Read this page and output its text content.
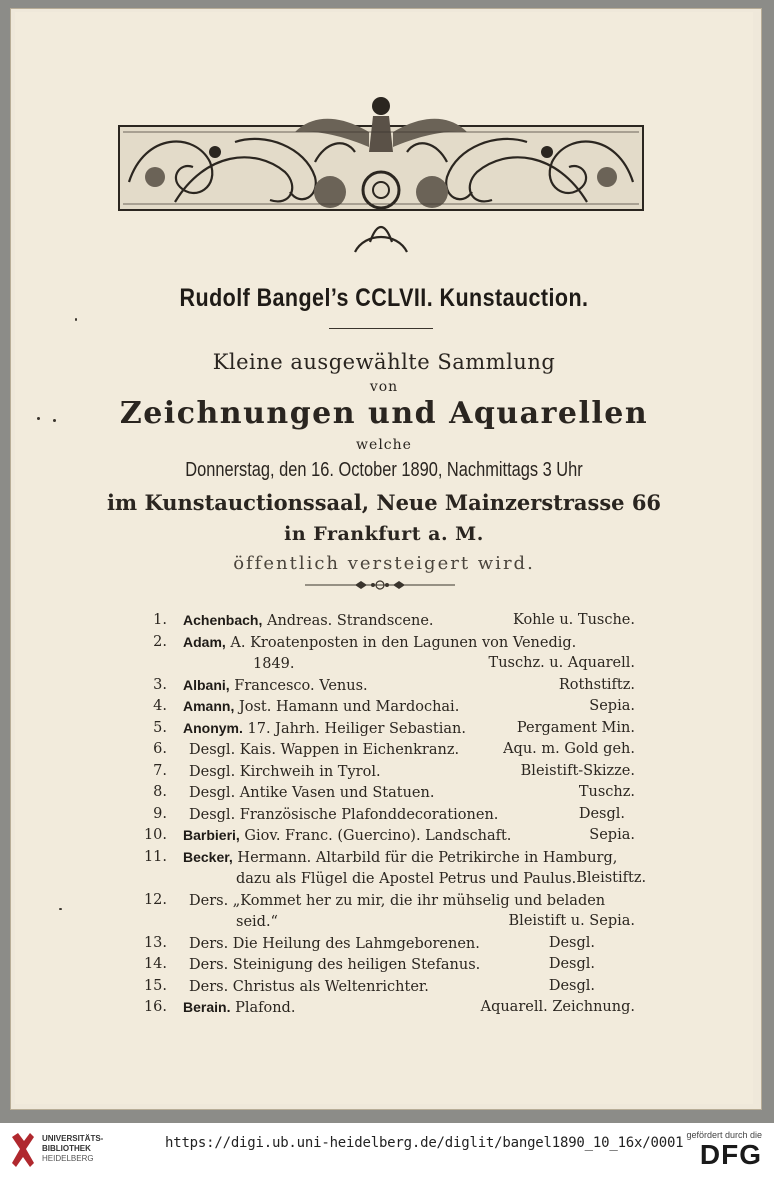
Rudolf Bangel’s CCLVII. Kunstauction.
Kleine ausgewählte Sammlung
von
Zeichnungen und Aquarellen
welche
Donnerstag, den 16. October 1890, Nachmittags 3 Uhr
im Kunstauctionssaal, Neue Mainzerstrasse 66
in Frankfurt a. M.
öffentlich versteigert wird.
1.	Achenbach, Andreas. Strandscene.	Kohle u. Tusche.
2.	Adam, A. Kroatenposten in den Lagunen von Venedig.
1849.	Tuschz. u. Aquarell.
3.	Albani, Francesco. Venus.	Rothstiftz.
4.	Amann, Jost. Hamann und Mardochai.	Sepia.
5.	Anonym. 17. Jahrh. Heiliger Sebastian.	Pergament Min.
6.	Desgl. Kais. Wappen in Eichenkranz.	Aqu. m. Gold geh.
7.	Desgl. Kirchweih in Tyrol.	Bleistift-Skizze.
8.	Desgl. Antike Vasen und Statuen.	Tuschz.
9.	Desgl. Französische Plafonddecorationen.	Desgl.
10.	Barbieri, Giov. Franc. (Guercino). Landschaft.	Sepia.
11.	Becker, Hermann. Altarbild für die Petrikirche in Hamburg,
dazu als Flügel die Apostel Petrus und Paulus. Bleistiftz.
12.	Ders. „Kommet her zu mir, die ihr mühselig und beladen
seid.“	Bleistift u. Sepia.
13.	Ders. Die Heilung des Lahmgeborenen.	Desgl.
14.	Ders. Steinigung des heiligen Stefanus.	Desgl.
15.	Ders. Christus als Weltenrichter.	Desgl.
16.	Berain. Plafond.	Aquarell. Zeichnung.
UNIVERSITÄTS-
BIBLIOTHEK
HEIDELBERG
https://digi.ub.uni-heidelberg.de/diglit/bangel1890_10_16x/0001 gefördert durch die
DFG
